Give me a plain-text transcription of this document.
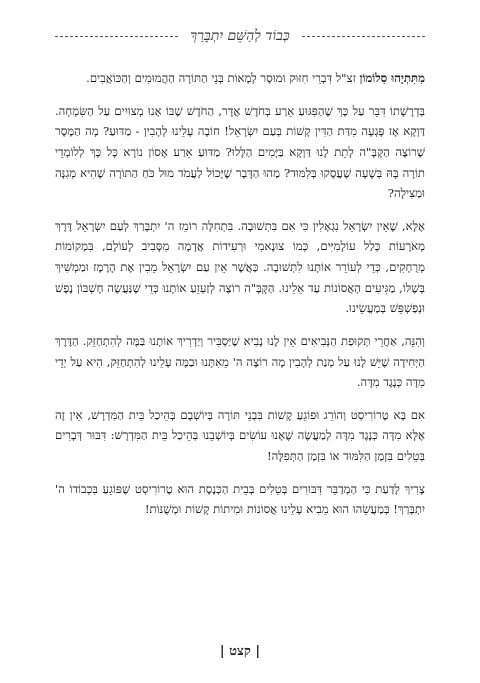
כְּבוֹד לְהַשֵּׁם יִתְבָּרַךְ

מִתִּתְיָהוּ סִלוֹמוֹן זצ"ל דִּבְרֵי חִזּוּק וּמוּסָר לְמָאוֹת בְּנֵי הַתּוֹרָה הַהֲמוּמִים וְהַכּוֹאֲבִים.

בְּדְרָשָׁתוֹ דִּבֵּר עַל כָּךְ שֶׁהַפִּגּוּעַ אֵרַע בְּחֹדֶשׁ אֲדָר, הַחֹדֶשׁ שֶׁבּוֹ אָנוּ מְצוּיִים עַל הַשִּׂמְחָה. דַּוְקָא אָז פָּגְעָה מִדַּת הַדִּין קָשׁוֹת בְּעַם יִשְׂרָאֵל! חוֹבָה עָלֵינוּ לְהָבִין - מַדּוּעַ? מָה הַמֶּסֶר שֶׁרוֹצֶה הַקָּבָּ"ה לָתֵת לָנוּ דַּוְקָא בַּיָּמִים הַלָּלוּ? מַדּוּעַ אֵרַע אָסוֹן נוֹרָא כָּל כָּךְ לְלוֹמְדֵי תוֹרָה בָּהּ בְּשָׁעָה שֶׁעֲסָקוּ בְּלִמּוּד? מַהוּ הַדָּבָר שֶׁיָּכוֹל לַעֲמֹד מוּל כֹּחַ הַתּוֹרָה שֶׁהִיא מְגִנָּה וּמַצִּילָה?

אֶלָּא, שֶׁאֵין יִשְׂרָאֵל נִגְאָלִין כִּי אִם בִּתְשׁוּבָה. בִּתְחִלָּה רוֹמֵז ה' יִתְבָּרַךְ לְעַם יִשְׂרָאֵל דֶּרֶךְ מְאֹרָעוֹת כְּלַל עוֹלָמִיִּים, כְּמוֹ צוּנָאמִי וּרְעִידוֹת אֲדָמָה מִסָּבִיב לָעוֹלָם, בִּמְקוֹמוֹת מְרֻחָקִים, כְּדֵי לְעוֹרֵר אוֹתָנוּ לִתְשׁוּבָה. כַּאֲשֶׁר אֵין עַם יִשְׂרָאֵל מֵבִין אֶת הָרֶמֶז וּמַמְשִׁיךְ בְּשֶׁלּוֹ, מַגִּיעִים הָאֲסוֹנוֹת עַד אֵלֵינוּ. הַקָּבָּ"ה רוֹצֶה לְזַעְזֵעַ אוֹתָנוּ כְּדֵי שֶׁנַּעֲשֶׂה חֶשְׁבּוֹן נֶפֶשׁ וּנְפַשְׁפֵּשׁ בְּמַעֲשֵׂינוּ.

וְהִנֵּה, אַחֲרֵי תְּקוּפַת הַנְּבִיאִים אֵין לָנוּ נָבִיא שֶׁיַּסְבִּיר וְיַדְרִיךְ אוֹתָנוּ בַּמֶּה לְהִתְחַזֵּק. הַדֶּרֶךְ הַיְּחִידָה שֶׁיֵּשׁ לָנוּ עַל מְנַת לְהָבִין מָה רוֹצֶה ה' מֵאִתָּנוּ וּבַמֶּה עָלֵינוּ לְהִתְחַזֵּק, הִיא עַל יְדֵי מִדָּה כְּנֶגֶד מִדָּה.

אִם בָּא טֶרוֹרִיסְט וְהוֹרֵג וּפוֹגֵעַ קָשׁוֹת בִּבְנֵי תּוֹרָה בְּיוֹשְׁבָם בְּהֵיכַל בֵּית הַמִּדְרָשׁ, אֵין זֶה אֶלָּא מִדָּה כְּנֶגֶד מִדָּה לְמַעֲשֶׂה שֶׁאָנוּ עוֹשִׂים בְּיוֹשְׁבֵנוּ בְּהֵיכַל בֵּית הַמִּדְרָשׁ: דִּבּוּר דְּבָרִים בְּטֵלִים בִּזְמַן הַלִּמּוּד אוֹ בִּזְמַן הַתְּפִלָּה!

צָרִיךְ לָדַעַת כִּי הַמְדַבֵּר דִּבּוּרִים בְּטֵלִים בְּבֵית הַכְּנֶסֶת הוּא טֶרוֹרִיסְט שֶׁפּוֹגֵעַ בִּכְבוֹדוֹ ה' יִתְבָּרַךְ! בְּמַעֲשֵׂהוּ הוּא מֵבִיא עָלֵינוּ אֲסוֹנוֹת וּמִיתוֹת קָשׁוֹת וּמְשֻׁנּוֹת!

| קצט |
